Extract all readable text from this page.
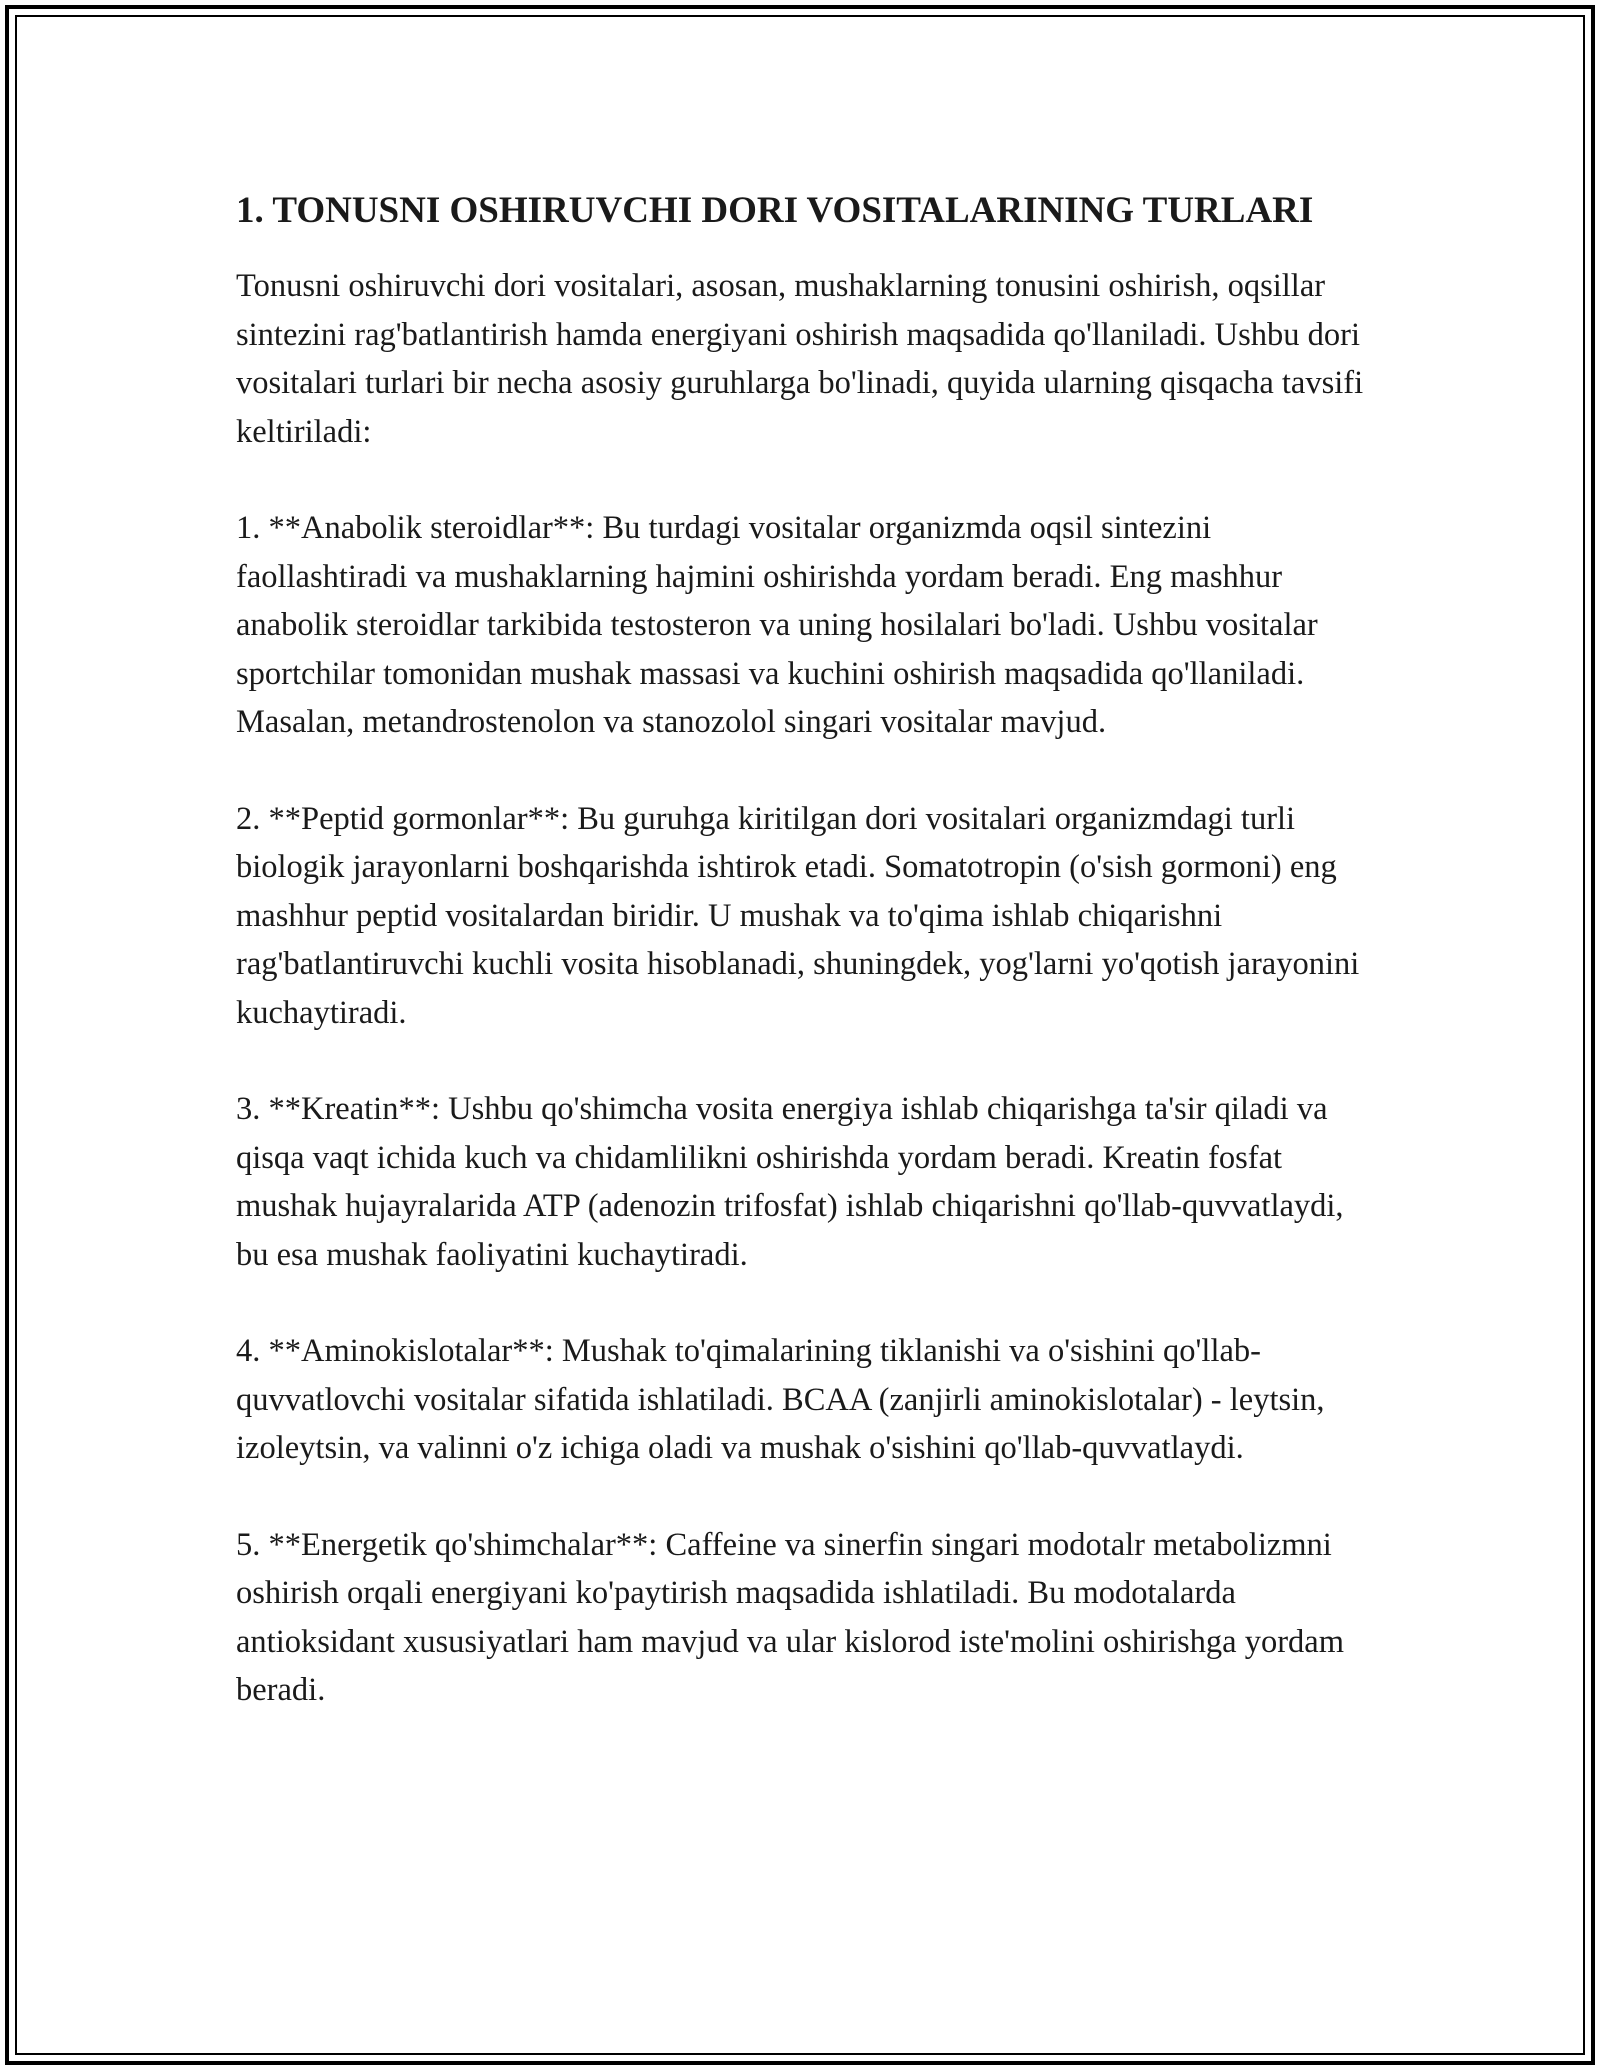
1. TONUSNI OSHIRUVCHI DORI VOSITALARINING TURLARI

Tonusni oshiruvchi dori vositalari, asosan, mushaklarning tonusini oshirish, oqsillar sintezini rag'batlantirish hamda energiyani oshirish maqsadida qo'llaniladi. Ushbu dori vositalari turlari bir necha asosiy guruhlarga bo'linadi, quyida ularning qisqacha tavsifi keltiriladi:

1. **Anabolik steroidlar**: Bu turdagi vositalar organizmda oqsil sintezini faollashtiradi va mushaklarning hajmini oshirishda yordam beradi. Eng mashhur anabolik steroidlar tarkibida testosteron va uning hosilalari bo'ladi. Ushbu vositalar sportchilar tomonidan mushak massasi va kuchini oshirish maqsadida qo'llaniladi. Masalan, metandrostenolon va stanozolol singari vositalar mavjud.

2. **Peptid gormonlar**: Bu guruhga kiritilgan dori vositalari organizmdagi turli biologik jarayonlarni boshqarishda ishtirok etadi. Somatotropin (o'sish gormoni) eng mashhur peptid vositalardan biridir. U mushak va to'qima ishlab chiqarishni rag'batlantiruvchi kuchli vosita hisoblanadi, shuningdek, yog'larni yo'qotish jarayonini kuchaytiradi.

3. **Kreatin**: Ushbu qo'shimcha vosita energiya ishlab chiqarishga ta'sir qiladi va qisqa vaqt ichida kuch va chidamlilikni oshirishda yordam beradi. Kreatin fosfat mushak hujayralarida ATP (adenozin trifosfat) ishlab chiqarishni qo'llab-quvvatlaydi, bu esa mushak faoliyatini kuchaytiradi.

4. **Aminokislotalar**: Mushak to'qimalarining tiklanishi va o'sishini qo'llab-quvvatlovchi vositalar sifatida ishlatiladi. BCAA (zanjirli aminokislotalar) - leytsin, izoleytsin, va valinni o'z ichiga oladi va mushak o'sishini qo'llab-quvvatlaydi.

5. **Energetik qo'shimchalar**: Caffeine va sinerfin singari modotalr metabolizmni oshirish orqali energiyani ko'paytirish maqsadida ishlatiladi. Bu modotalarda antioksidant xususiyatlari ham mavjud va ular kislorod iste'molini oshirishga yordam beradi.
